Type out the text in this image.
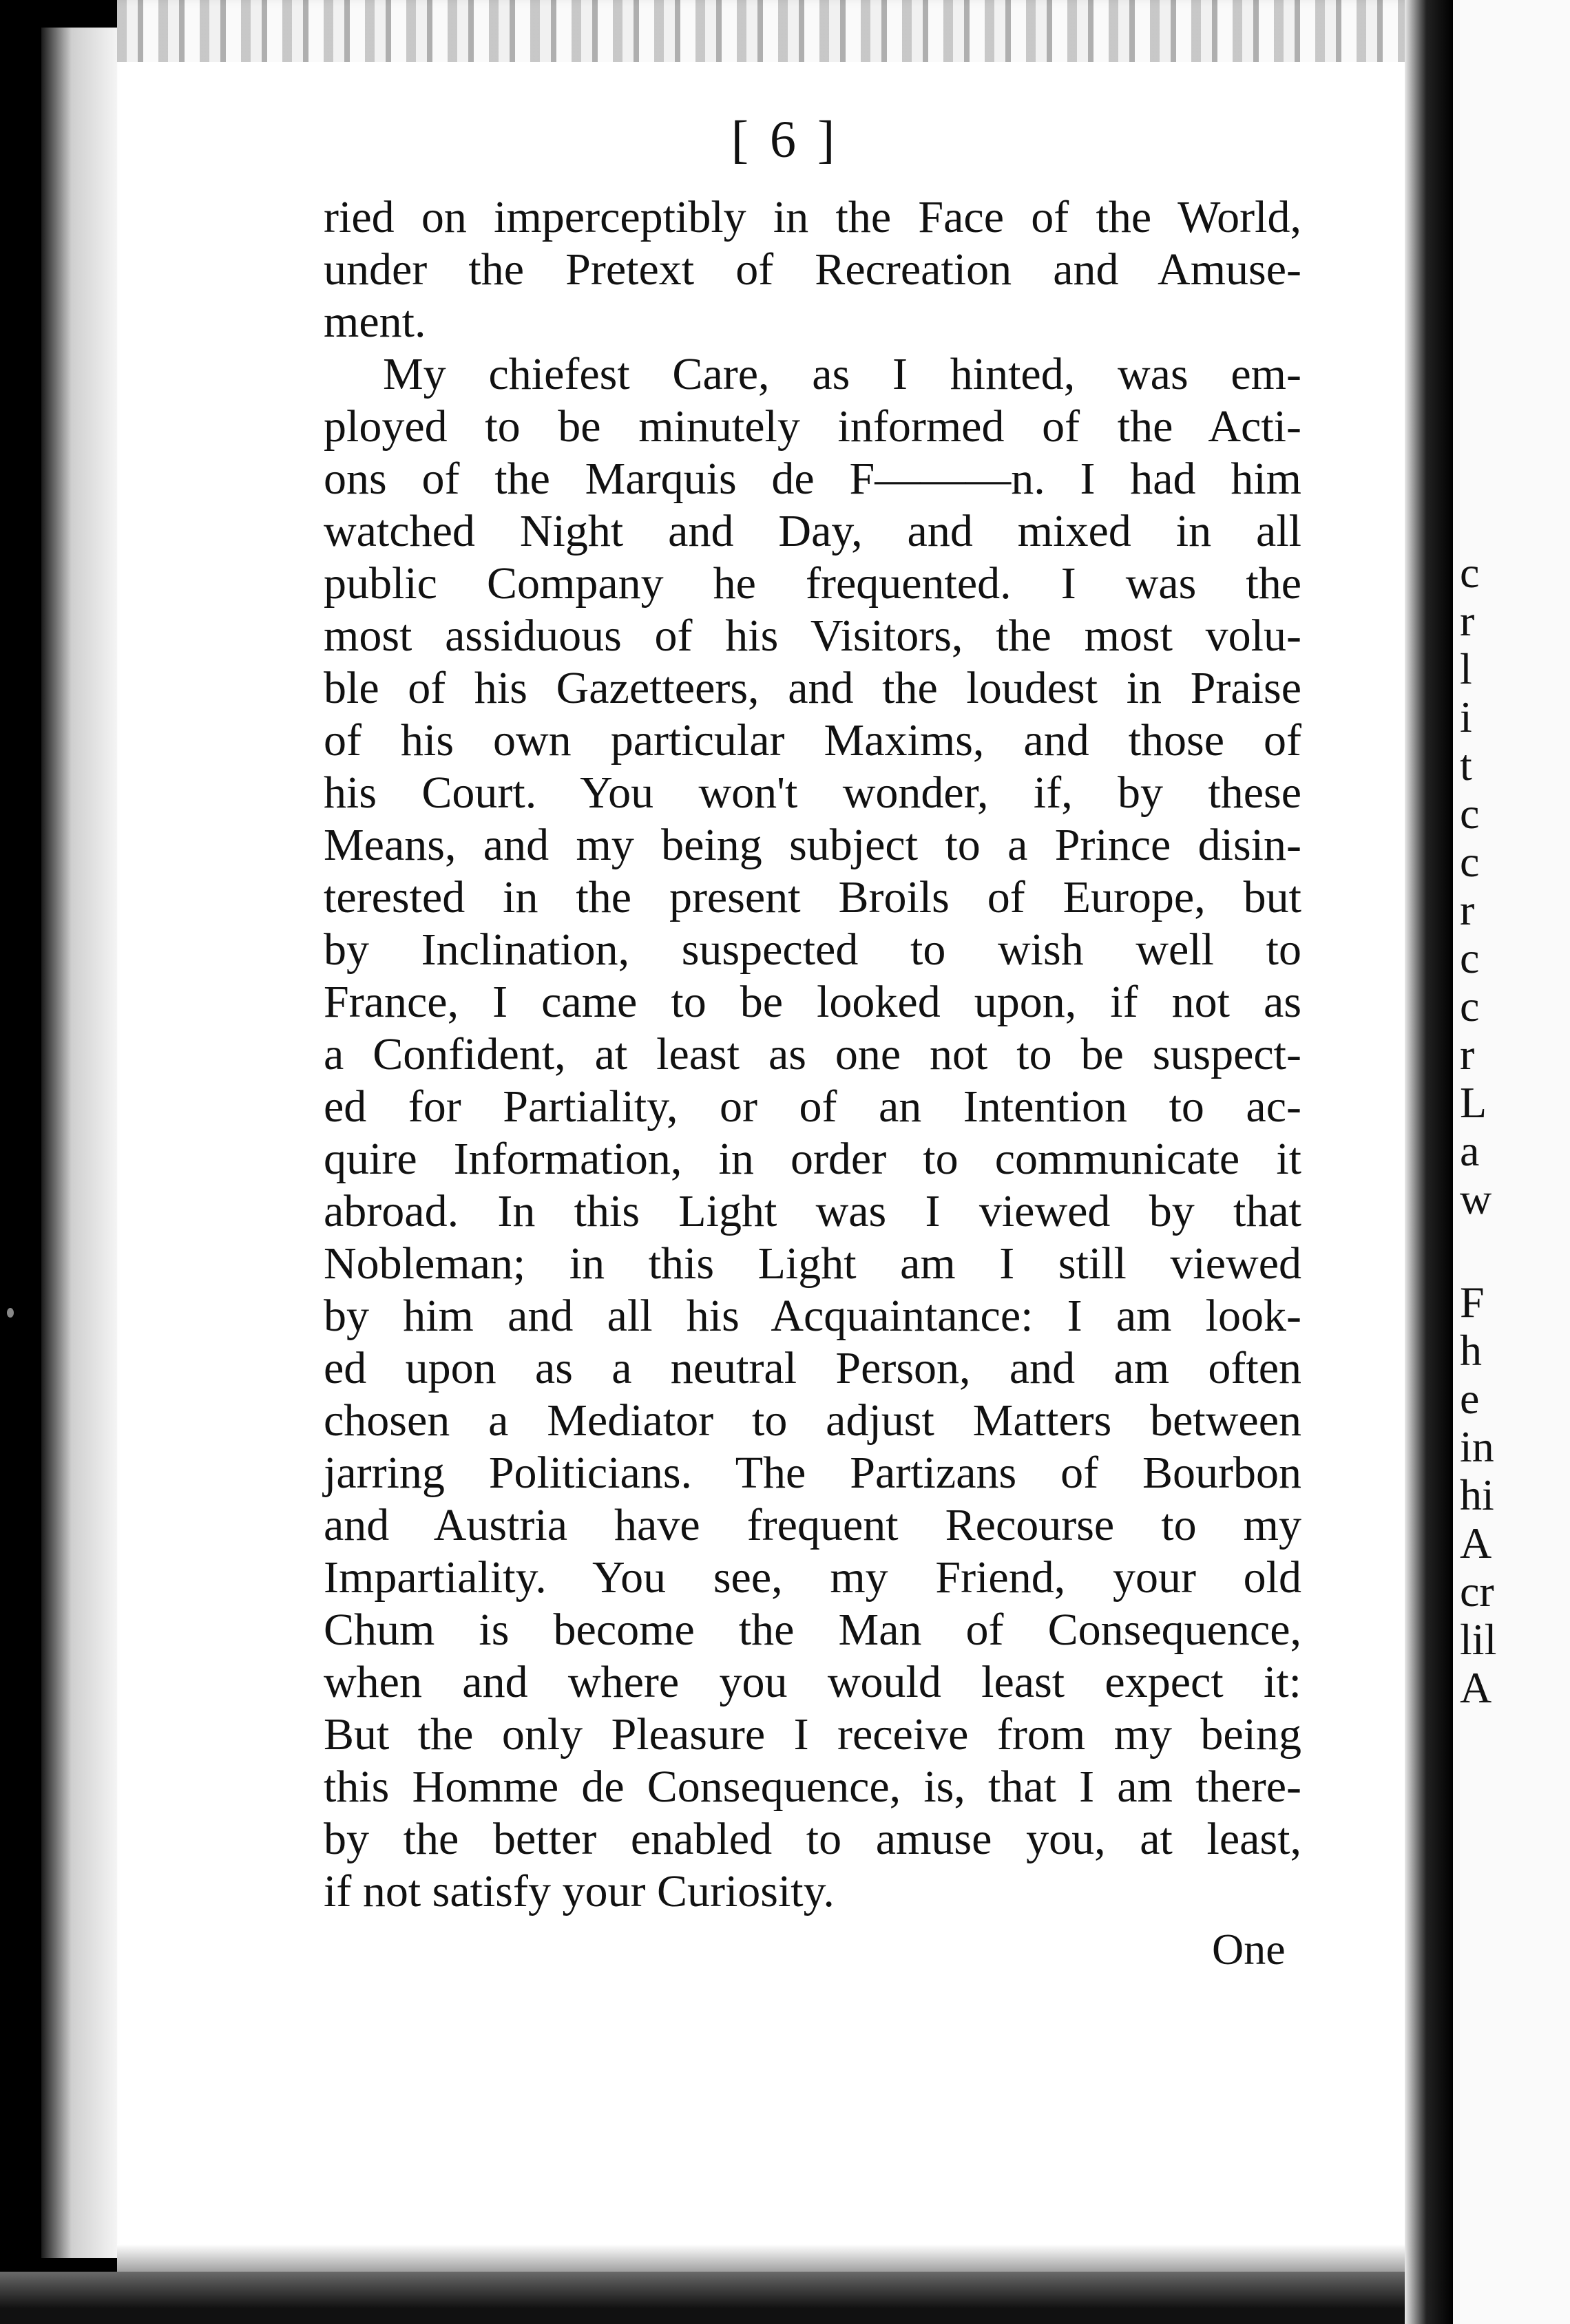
[ 6 ]
ried on imperceptibly in the Face of the World,
under the Pretext of Recreation and Amuse-
ment.
My chiefest Care, as I hinted, was em-
ployed to be minutely informed of the Acti-
ons of the Marquis de F———n. I had him
watched Night and Day, and mixed in all
public Company he frequented. I was the
most assiduous of his Visitors, the most volu-
ble of his Gazetteers, and the loudest in Praise
of his own particular Maxims, and those of
his Court. You won't wonder, if, by these
Means, and my being subject to a Prince disin-
terested in the present Broils of Europe, but
by Inclination, suspected to wish well to
France, I came to be looked upon, if not as
a Confident, at least as one not to be suspect-
ed for Partiality, or of an Intention to ac-
quire Information, in order to communicate it
abroad. In this Light was I viewed by that
Nobleman; in this Light am I still viewed
by him and all his Acquaintance: I am look-
ed upon as a neutral Person, and am often
chosen a Mediator to adjust Matters between
jarring Politicians. The Partizans of Bourbon
and Austria have frequent Recourse to my
Impartiality. You see, my Friend, your old
Chum is become the Man of Consequence,
when and where you would least expect it:
But the only Pleasure I receive from my being
this Homme de Consequence, is, that I am there-
by the better enabled to amuse you, at least,
if not satisfy your Curiosity.
One
c
r
l
i
t
c
c
r
c
c
r
L
a
w
F
h
e
in
hi
A
cr
lil
A
